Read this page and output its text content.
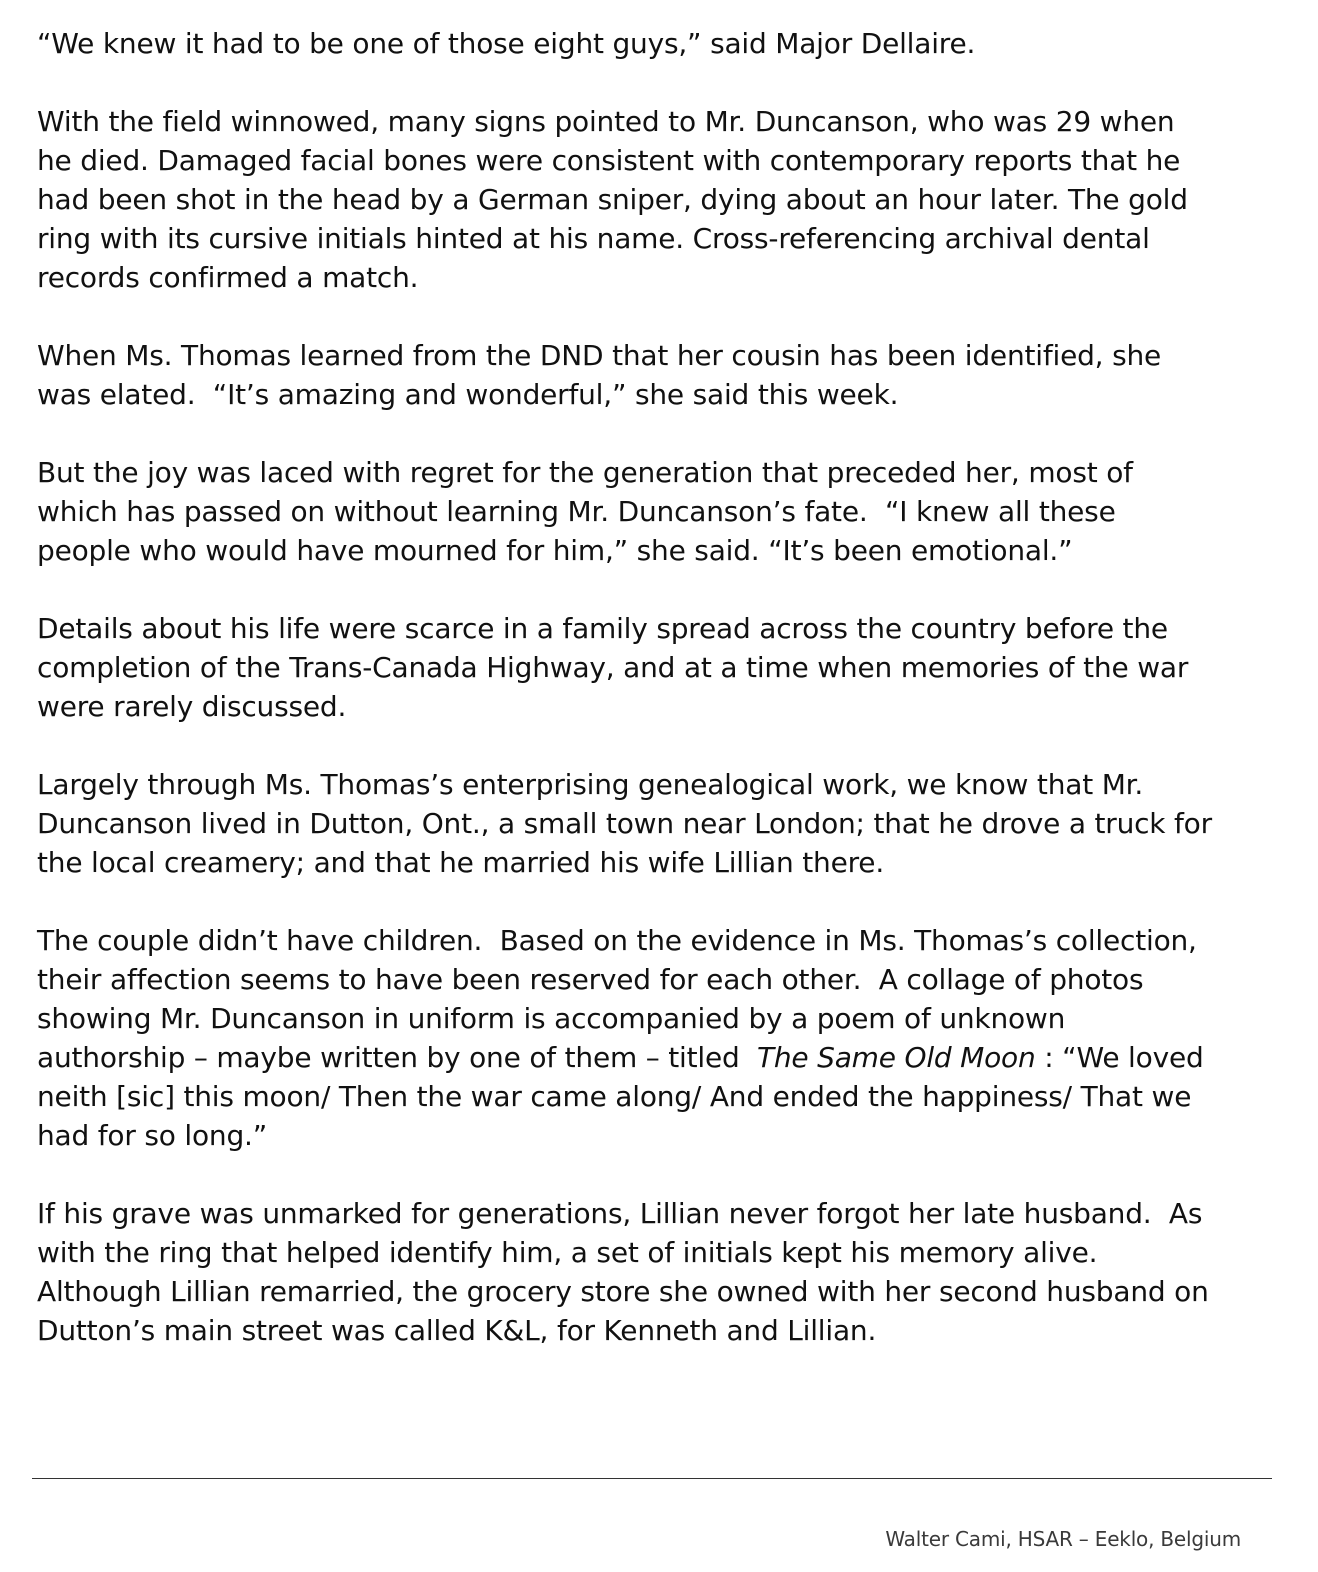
“We knew it had to be one of those eight guys,” said Major Dellaire.

With the field winnowed, many signs pointed to Mr. Duncanson, who was 29 when
he died. Damaged facial bones were consistent with contemporary reports that he
had been shot in the head by a German sniper, dying about an hour later. The gold
ring with its cursive initials hinted at his name. Cross-referencing archival dental
records confirmed a match.

When Ms. Thomas learned from the DND that her cousin has been identified, she
was elated.  “It’s amazing and wonderful,” she said this week.

But the joy was laced with regret for the generation that preceded her, most of
which has passed on without learning Mr. Duncanson’s fate.  “I knew all these
people who would have mourned for him,” she said. “It’s been emotional.”

Details about his life were scarce in a family spread across the country before the
completion of the Trans-Canada Highway, and at a time when memories of the war
were rarely discussed.

Largely through Ms. Thomas’s enterprising genealogical work, we know that Mr.
Duncanson lived in Dutton, Ont., a small town near London; that he drove a truck for
the local creamery; and that he married his wife Lillian there.

The couple didn’t have children.  Based on the evidence in Ms. Thomas’s collection,
their affection seems to have been reserved for each other.  A collage of photos
showing Mr. Duncanson in uniform is accompanied by a poem of unknown
authorship – maybe written by one of them – titled  The Same Old Moon : “We loved
neith [sic] this moon/ Then the war came along/ And ended the happiness/ That we
had for so long.”

If his grave was unmarked for generations, Lillian never forgot her late husband.  As
with the ring that helped identify him, a set of initials kept his memory alive.
Although Lillian remarried, the grocery store she owned with her second husband on
Dutton’s main street was called K&L, for Kenneth and Lillian.

Walter Cami, HSAR – Eeklo, Belgium
